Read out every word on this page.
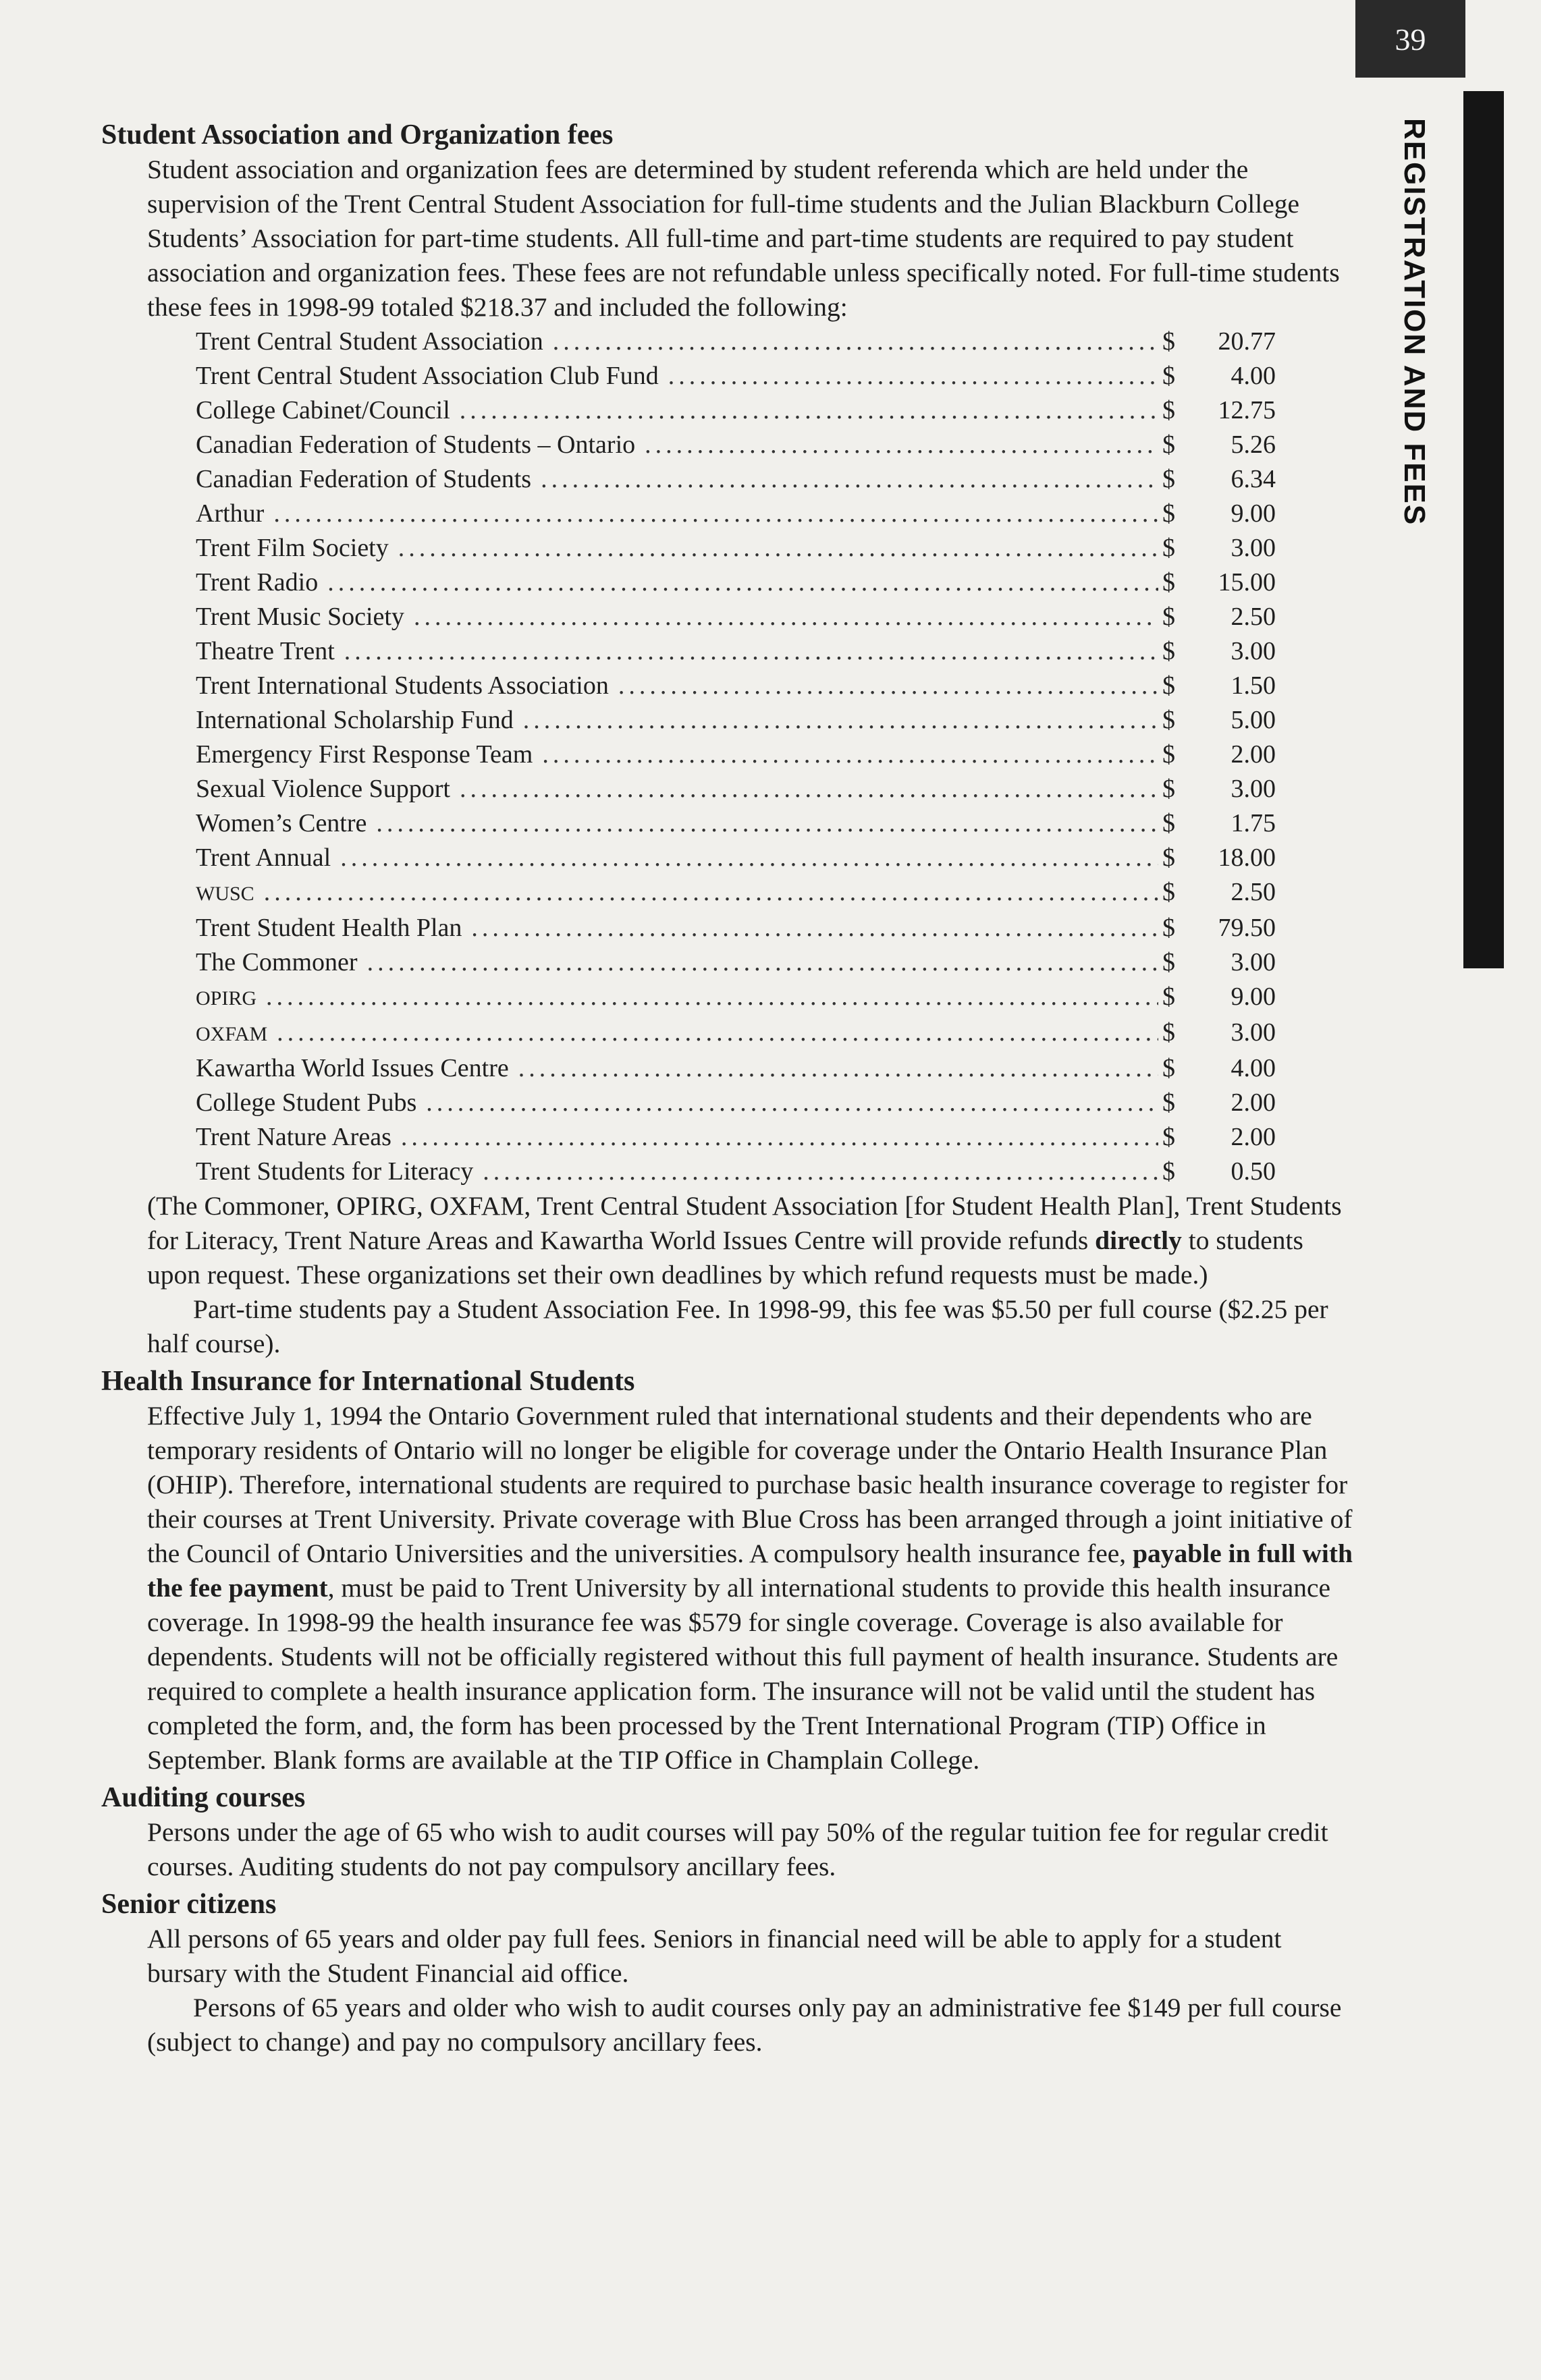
39
REGISTRATION AND FEES
Student Association and Organization fees

Student association and organization fees are determined by student referenda which are held under the supervision of the Trent Central Student Association for full-time students and the Julian Blackburn College Students’ Association for part-time students. All full-time and part-time students are required to pay student association and organization fees. These fees are not refundable unless specifically noted. For full-time students these fees in 1998-99 totaled $218.37 and included the following:

Trent Central Student Association .....	$	20.77
Trent Central Student Association Club Fund .....	$	4.00
College Cabinet/Council .....	$	12.75
Canadian Federation of Students – Ontario .....	$	5.26
Canadian Federation of Students .....	$	6.34
Arthur .....	$	9.00
Trent Film Society .....	$	3.00
Trent Radio .....	$	15.00
Trent Music Society .....	$	2.50
Theatre Trent .....	$	3.00
Trent International Students Association .....	$	1.50
International Scholarship Fund .....	$	5.00
Emergency First Response Team .....	$	2.00
Sexual Violence Support .....	$	3.00
Women’s Centre .....	$	1.75
Trent Annual .....	$	18.00
WUSC .....	$	2.50
Trent Student Health Plan .....	$	79.50
The Commoner .....	$	3.00
OPIRG .....	$	9.00
OXFAM .....	$	3.00
Kawartha World Issues Centre .....	$	4.00
College Student Pubs .....	$	2.00
Trent Nature Areas .....	$	2.00
Trent Students for Literacy .....	$	0.50

(The Commoner, OPIRG, OXFAM, Trent Central Student Association [for Student Health Plan], Trent Students for Literacy, Trent Nature Areas and Kawartha World Issues Centre will provide refunds directly to students upon request. These organizations set their own deadlines by which refund requests must be made.)

Part-time students pay a Student Association Fee. In 1998-99, this fee was $5.50 per full course ($2.25 per half course).

Health Insurance for International Students

Effective July 1, 1994 the Ontario Government ruled that international students and their dependents who are temporary residents of Ontario will no longer be eligible for coverage under the Ontario Health Insurance Plan (OHIP). Therefore, international students are required to purchase basic health insurance coverage to register for their courses at Trent University. Private coverage with Blue Cross has been arranged through a joint initiative of the Council of Ontario Universities and the universities. A compulsory health insurance fee, payable in full with the fee payment, must be paid to Trent University by all international students to provide this health insurance coverage. In 1998-99 the health insurance fee was $579 for single coverage. Coverage is also available for dependents. Students will not be officially registered without this full payment of health insurance. Students are required to complete a health insurance application form. The insurance will not be valid until the student has completed the form, and, the form has been processed by the Trent International Program (TIP) Office in September. Blank forms are available at the TIP Office in Champlain College.

Auditing courses

Persons under the age of 65 who wish to audit courses will pay 50% of the regular tuition fee for regular credit courses. Auditing students do not pay compulsory ancillary fees.

Senior citizens

All persons of 65 years and older pay full fees. Seniors in financial need will be able to apply for a student bursary with the Student Financial aid office.

Persons of 65 years and older who wish to audit courses only pay an administrative fee $149 per full course (subject to change) and pay no compulsory ancillary fees.
